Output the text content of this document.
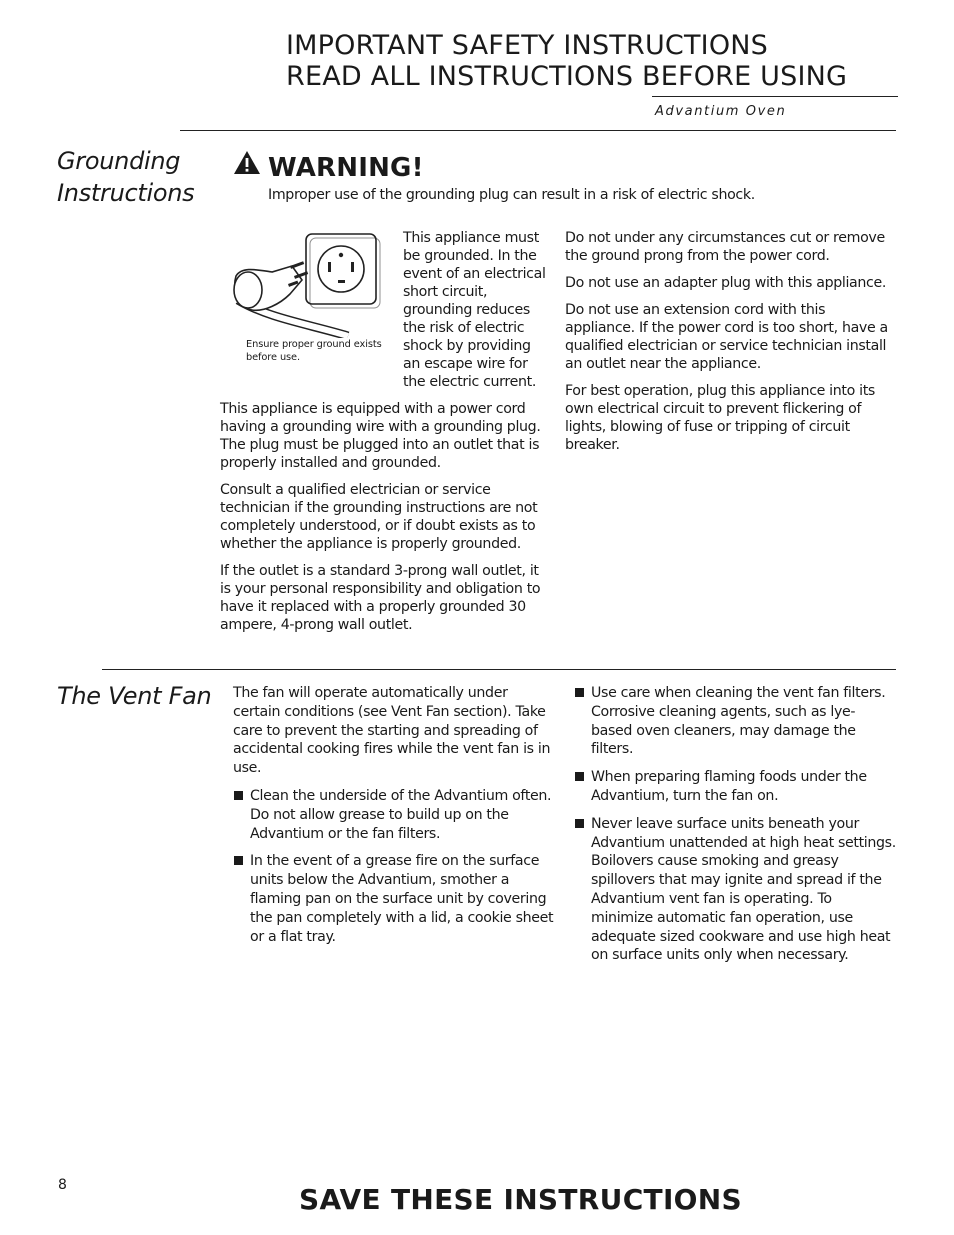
IMPORTANT SAFETY INSTRUCTIONS
READ ALL INSTRUCTIONS BEFORE USING
Advantium Oven
Grounding Instructions
WARNING!
Improper use of the grounding plug can result in a risk of electric shock.
Ensure proper ground exists before use.

This appliance must be grounded. In the event of an electrical short circuit, grounding reduces the risk of electric shock by providing an escape wire for the electric current.

This appliance is equipped with a power cord having a grounding wire with a grounding plug. The plug must be plugged into an outlet that is properly installed and grounded.

Consult a qualified electrician or service technician if the grounding instructions are not completely understood, or if doubt exists as to whether the appliance is properly grounded.

If the outlet is a standard 3-prong wall outlet, it is your personal responsibility and obligation to have it replaced with a properly grounded 30 ampere, 4-prong wall outlet.

Do not under any circumstances cut or remove the ground prong from the power cord.

Do not use an adapter plug with this appliance.

Do not use an extension cord with this appliance. If the power cord is too short, have a qualified electrician or service technician install an outlet near the appliance.

For best operation, plug this appliance into its own electrical circuit to prevent flickering of lights, blowing of fuse or tripping of circuit breaker.

The Vent Fan	The fan will operate automatically under certain conditions (see Vent Fan section). Take care to prevent the starting and spreading of accidental cooking fires while the vent fan is in use.

Clean the underside of the Advantium often. Do not allow grease to build up on the Advantium or the fan filters.
In the event of a grease fire on the surface units below the Advantium, smother a flaming pan on the surface unit by covering the pan completely with a lid, a cookie sheet or a flat tray.
Use care when cleaning the vent fan filters. Corrosive cleaning agents, such as lye-based oven cleaners, may damage the filters.
When preparing flaming foods under the Advantium, turn the fan on.
Never leave surface units beneath your Advantium unattended at high heat settings. Boilovers cause smoking and greasy spillovers that may ignite and spread if the Advantium vent fan is operating. To minimize automatic fan operation, use adequate sized cookware and use high heat on surface units only when necessary.
8	SAVE THESE INSTRUCTIONS
